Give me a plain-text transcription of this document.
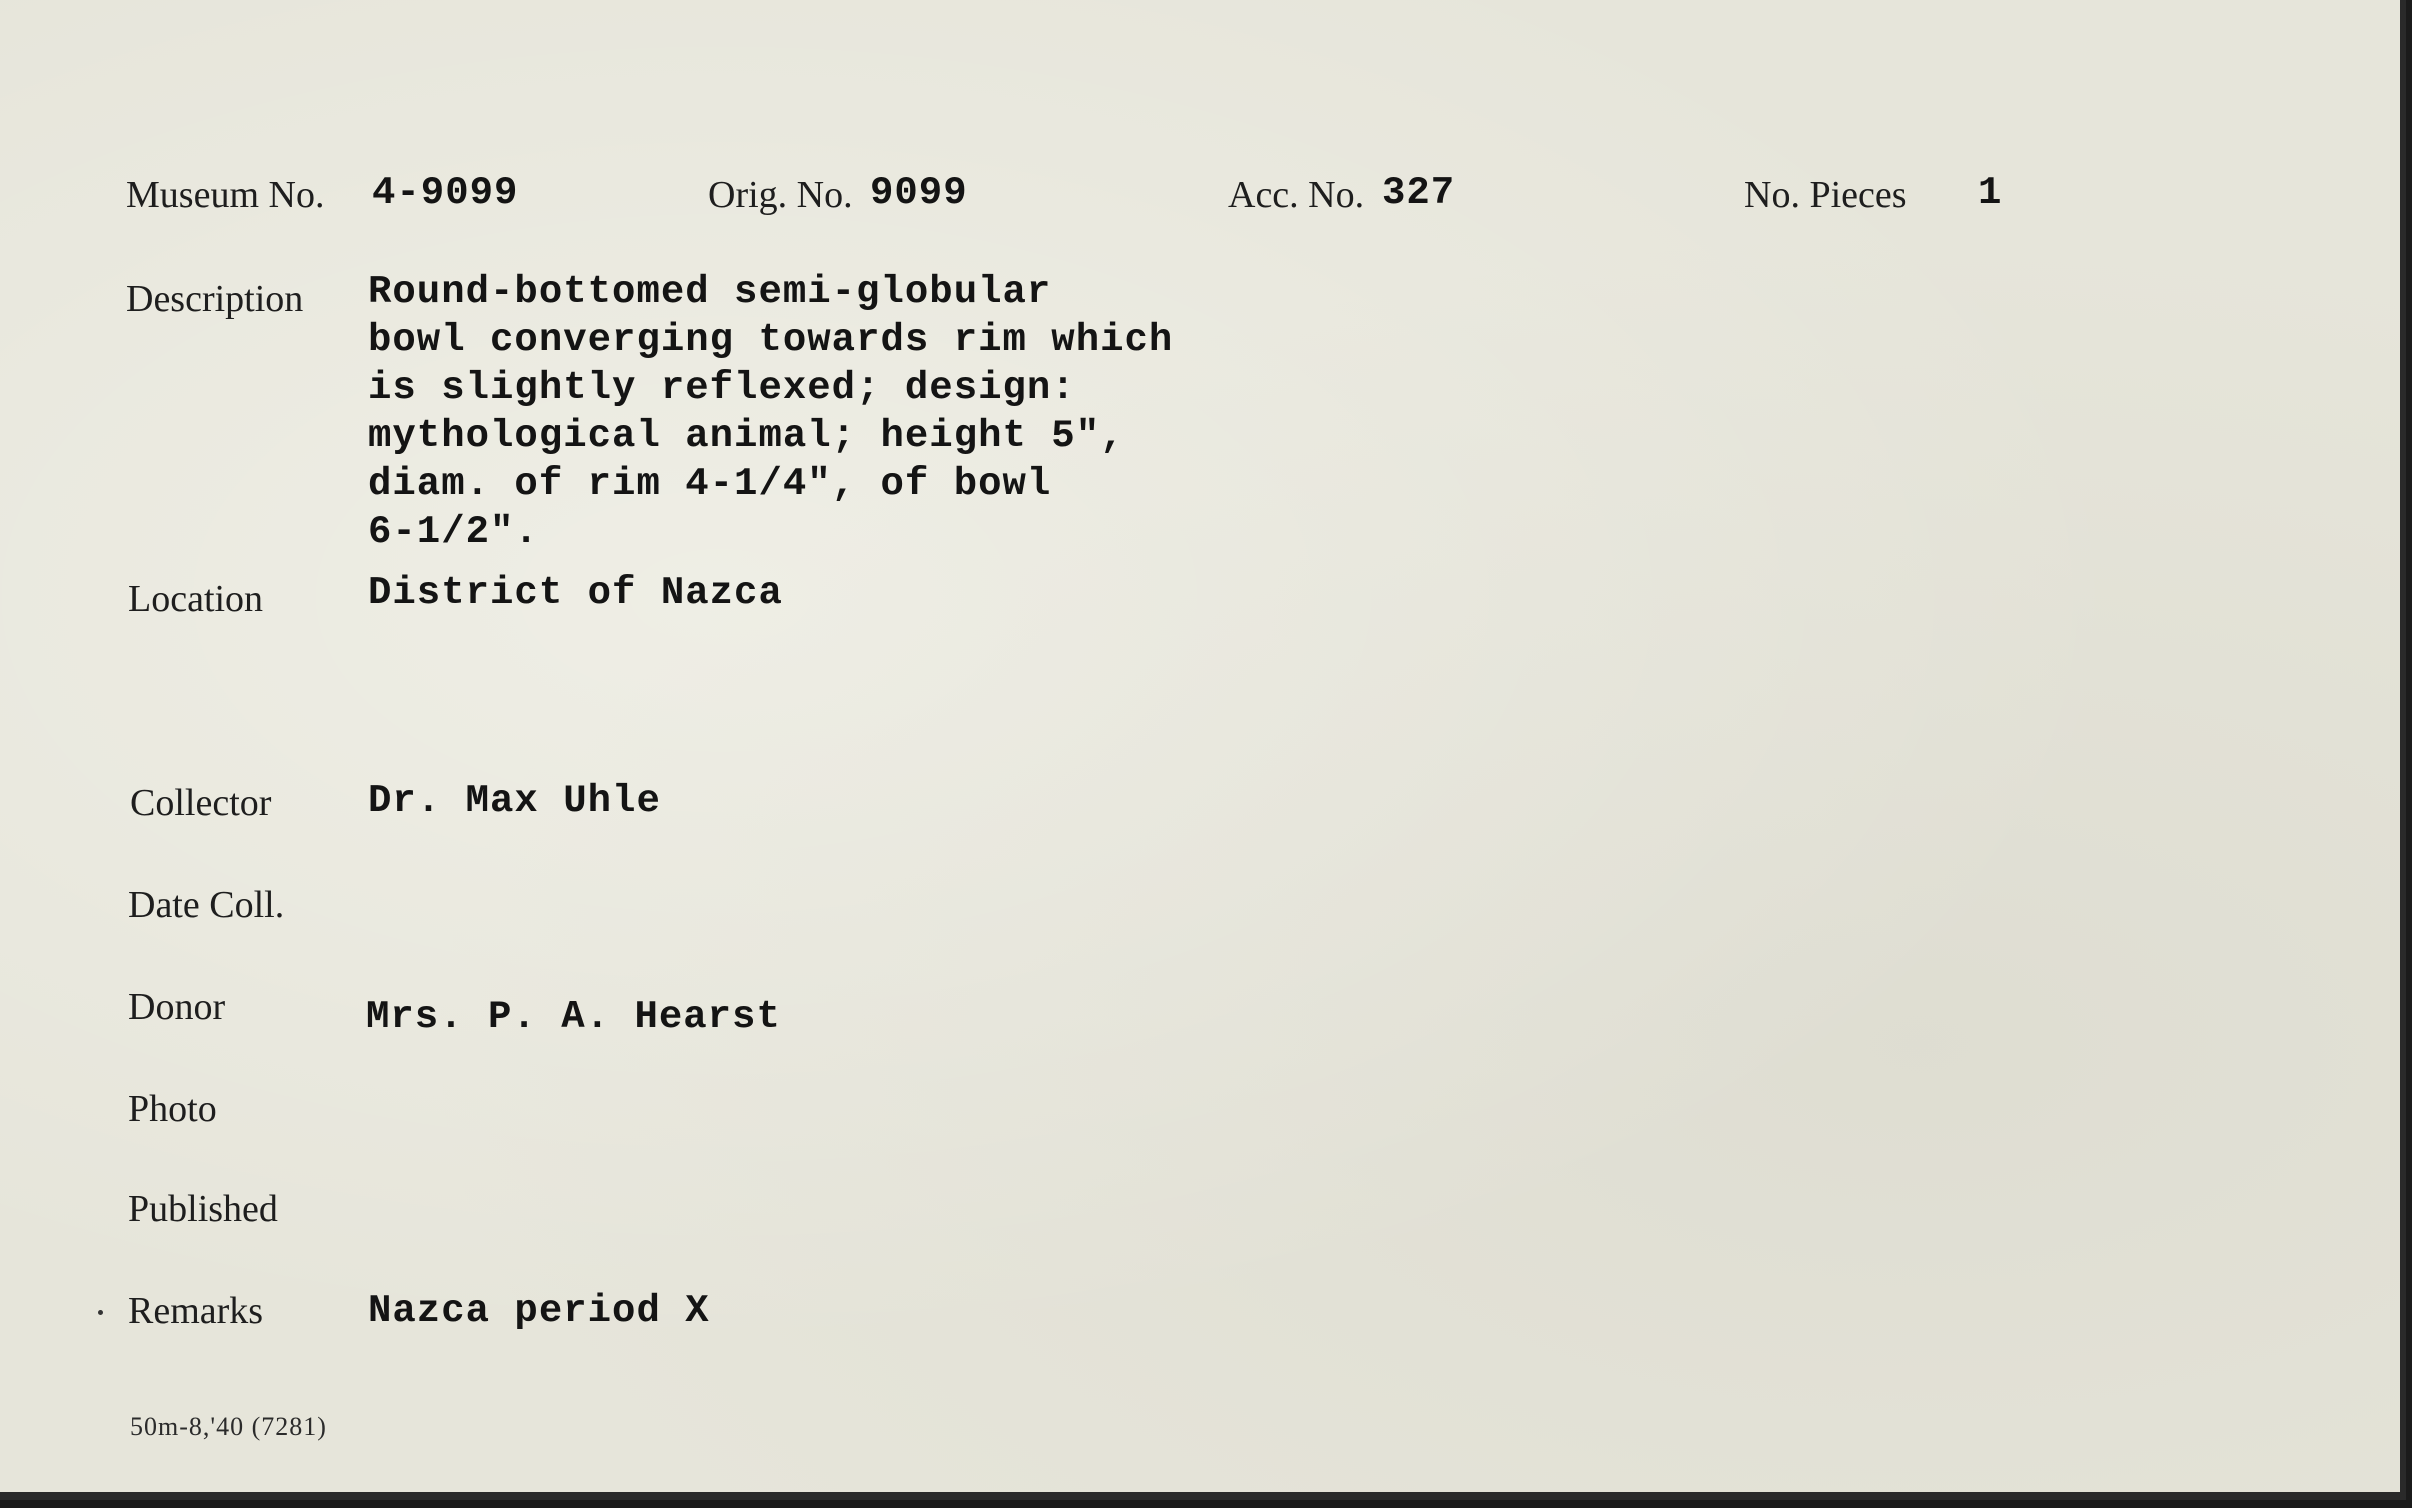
Museum No. 4-9099	Orig. No. 9099	Acc. No. 327	No. Pieces 1
Description Round-bottomed semi-globular
bowl converging towards rim which
is slightly reflexed; design:
mythological animal; height 5",
diam. of rim 4-1/4", of bowl
6-1/2".
Location	District of Nazca
Collector Dr. Max Uhle
Date Coll.
Donor	Mrs. P. A. Hearst
Photo
Published
Remarks	Nazca period X
50m-8,'40 (7281)
